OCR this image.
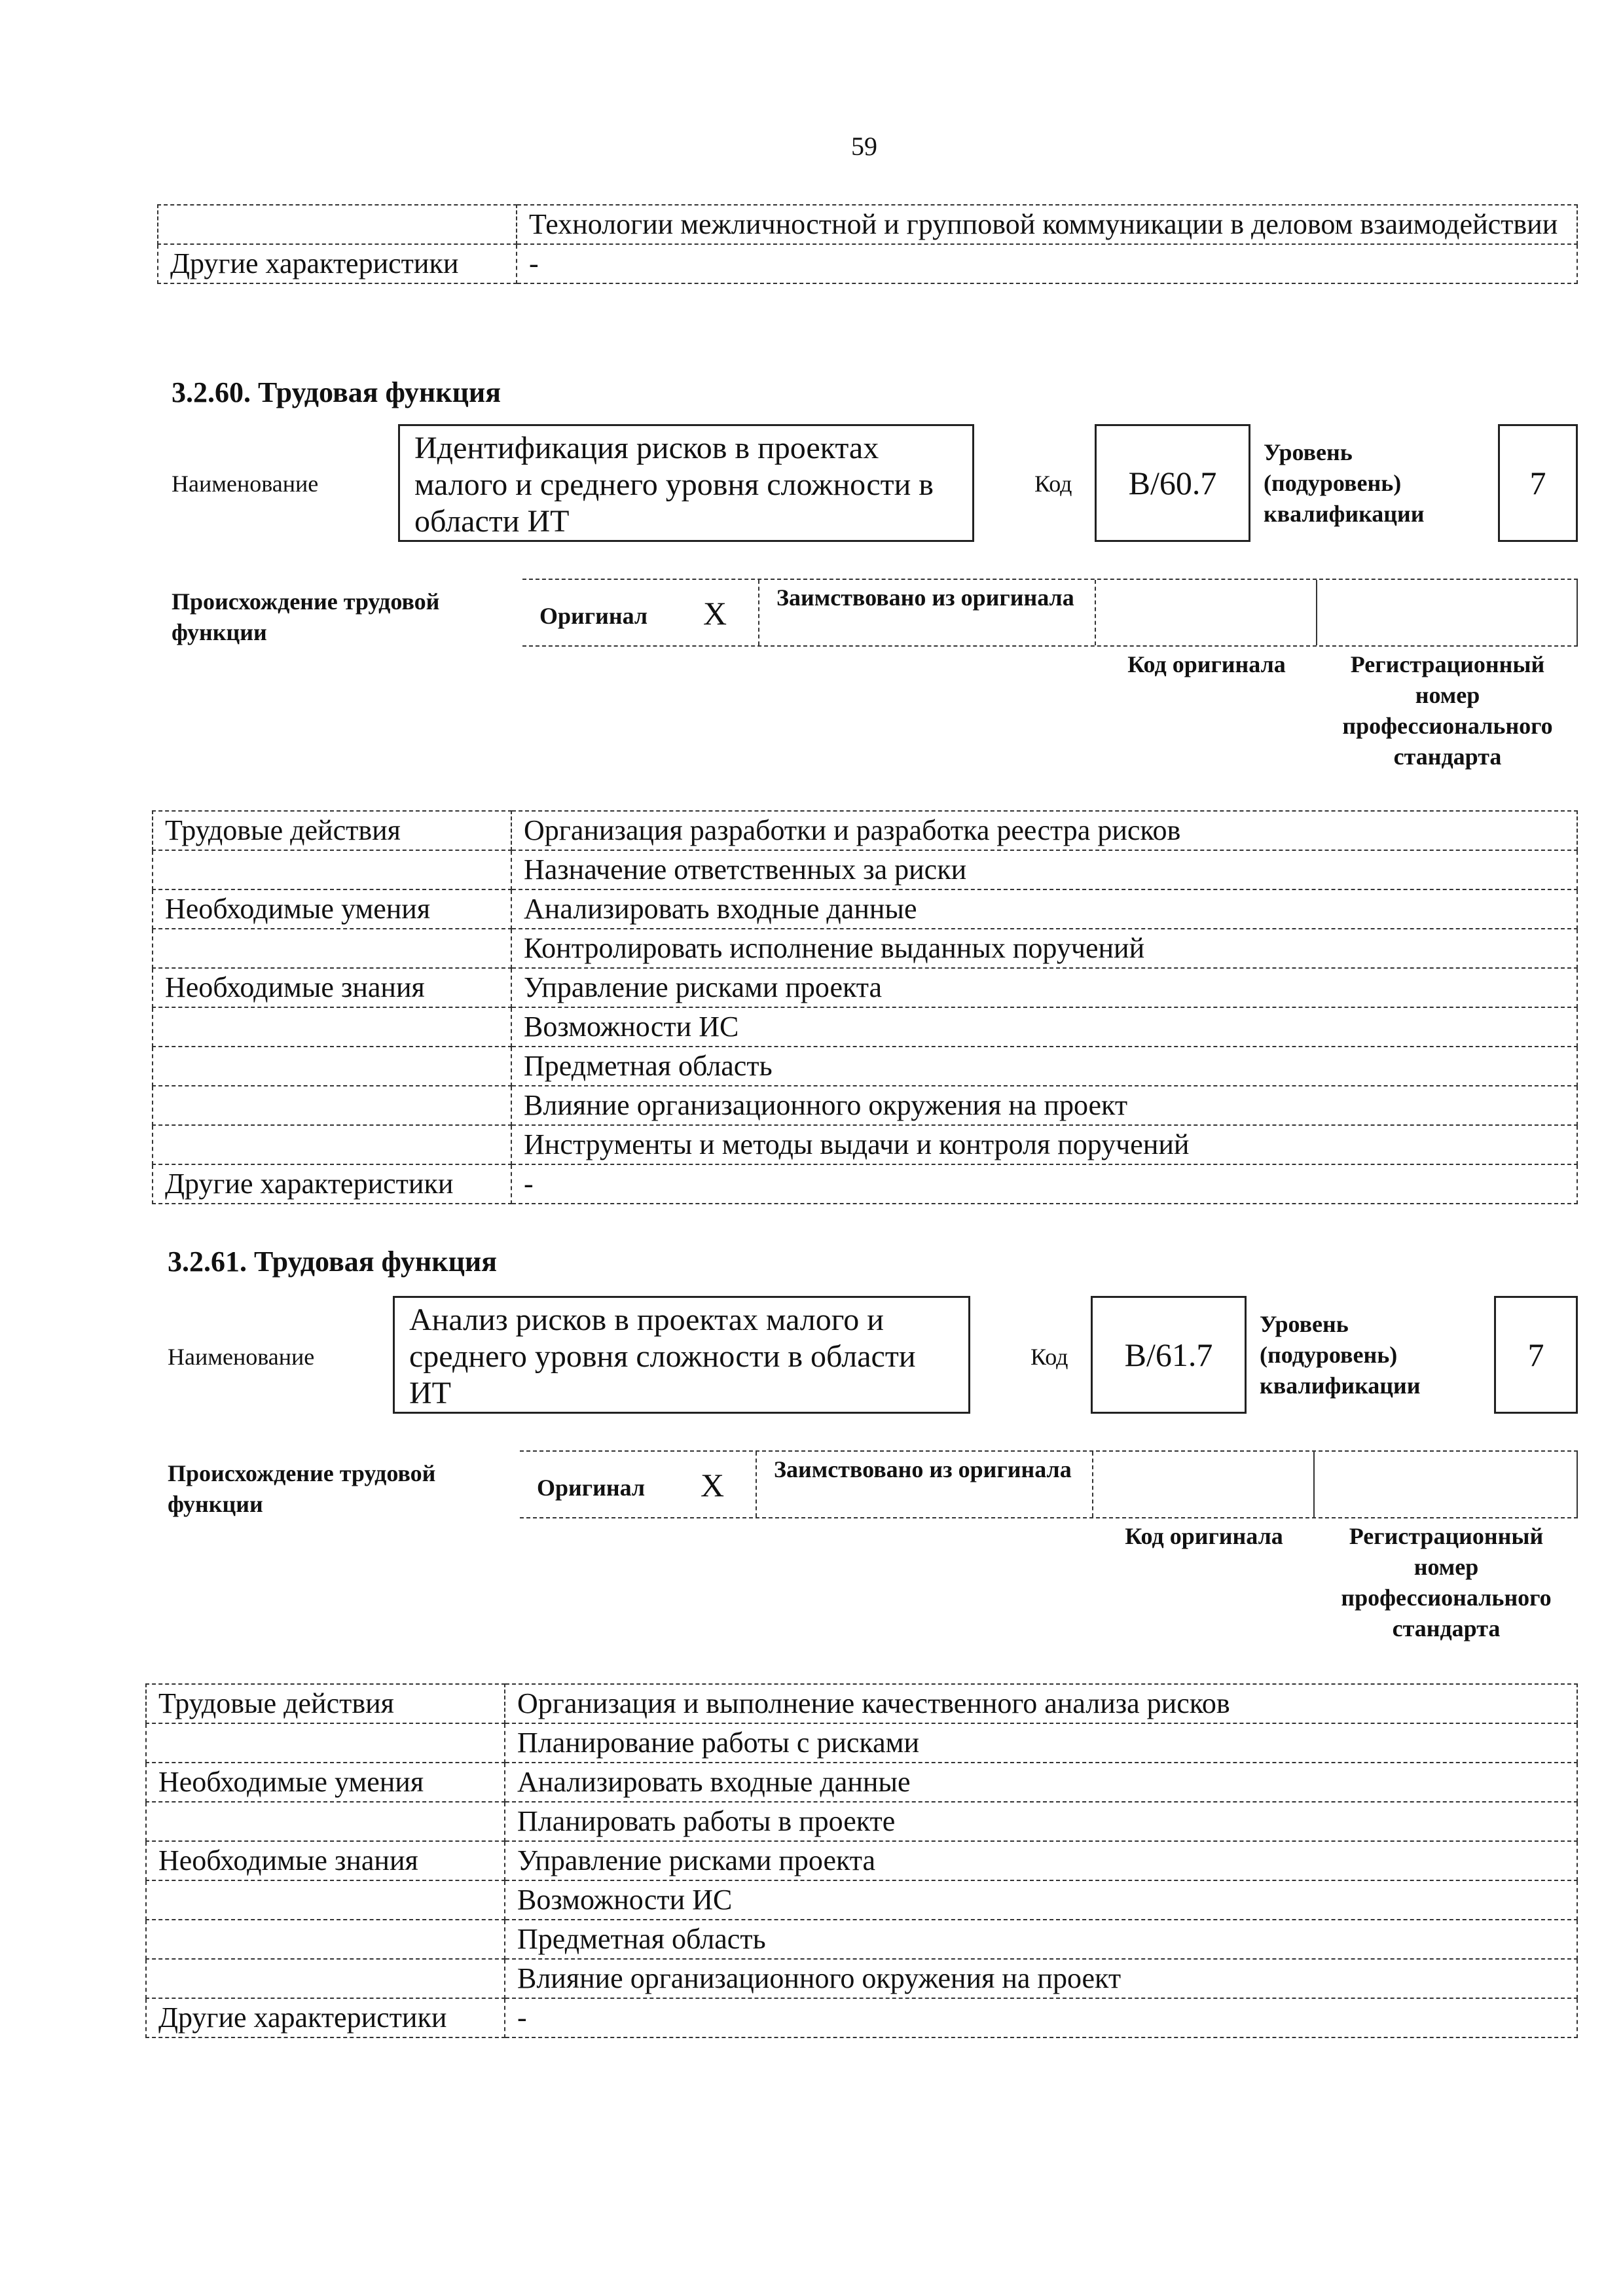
59
	Технологии межличностной и групповой коммуникации в деловом взаимодействии
Другие характеристики	-
3.2.60. Трудовая функция
Наименование
Идентификация рисков в проектах малого и среднего уровня сложности в области ИТ
Код	B/60.7
Уровень (подуровень) квалификации
7
Происхождение трудовой функции
Оригинал X Заимствовано из оригинала
Код оригинала	Регистрационный номер профессионального стандарта
Трудовые действия	Организация разработки и разработка реестра рисков
	Назначение ответственных за риски
Необходимые умения	Анализировать входные данные
	Контролировать исполнение выданных поручений
Необходимые знания	Управление рисками проекта
	Возможности ИС
	Предметная область
	Влияние организационного окружения на проект
	Инструменты и методы выдачи и контроля поручений
Другие характеристики	-
3.2.61. Трудовая функция
Наименование
Анализ рисков в проектах малого и среднего уровня сложности в области ИТ
Код	B/61.7
Уровень (подуровень) квалификации
7
Происхождение трудовой функции
Оригинал X Заимствовано из оригинала
Код оригинала	Регистрационный номер профессионального стандарта
Трудовые действия	Организация и выполнение качественного анализа рисков
	Планирование работы с рисками
Необходимые умения	Анализировать входные данные
	Планировать работы в проекте
Необходимые знания	Управление рисками проекта
	Возможности ИС
	Предметная область
	Влияние организационного окружения на проект
Другие характеристики	-
